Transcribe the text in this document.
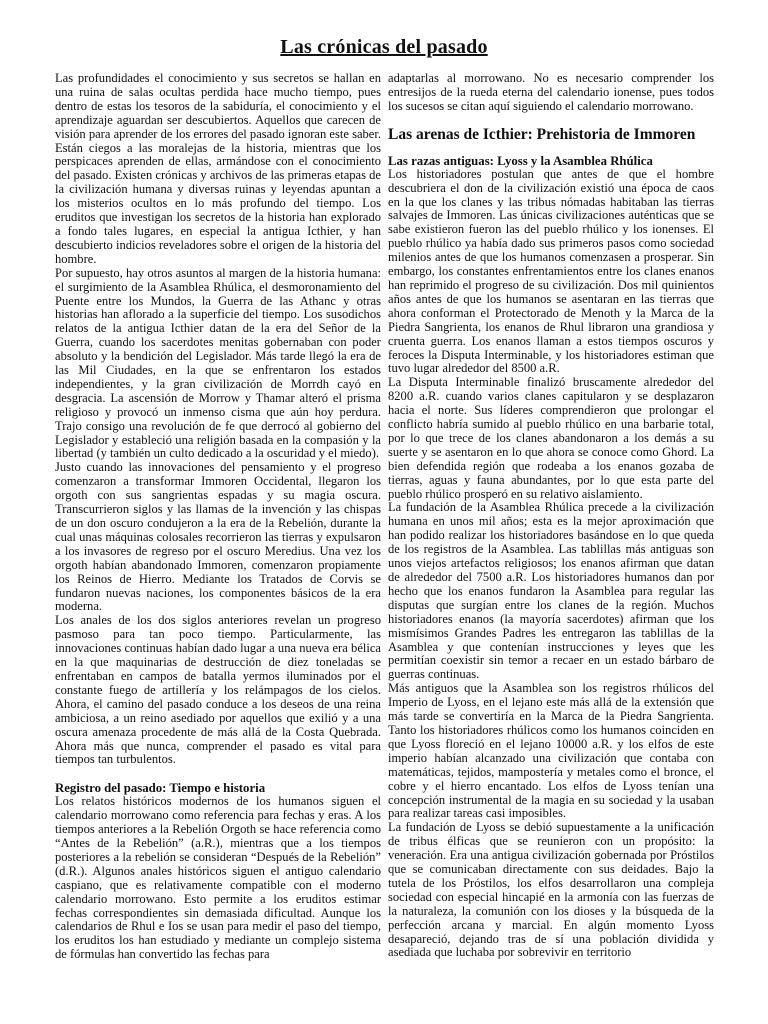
Las crónicas del pasado

Las profundidades el conocimiento y sus secretos se hallan en una ruina de salas ocultas perdida hace mucho tiempo, pues dentro de estas los tesoros de la sabiduría, el conocimiento y el aprendizaje aguardan ser descubiertos. Aquellos que carecen de visión para aprender de los errores del pasado ignoran este saber. Están ciegos a las moralejas de la historia, mientras que los perspicaces aprenden de ellas, armándose con el conocimiento del pasado. Existen crónicas y archivos de las primeras etapas de la civilización humana y diversas ruinas y leyendas apuntan a los misterios ocultos en lo más profundo del tiempo. Los eruditos que investigan los secretos de la historia han explorado a fondo tales lugares, en especial la antigua Icthier, y han descubierto indicios reveladores sobre el origen de la historia del hombre.

Por supuesto, hay otros asuntos al margen de la historia humana: el surgimiento de la Asamblea Rhúlica, el desmoronamiento del Puente entre los Mundos, la Guerra de las Athanc y otras historias han aflorado a la superficie del tiempo. Los susodichos relatos de la antigua Icthier datan de la era del Señor de la Guerra, cuando los sacerdotes menitas gobernaban con poder absoluto y la bendición del Legislador. Más tarde llegó la era de las Mil Ciudades, en la que se enfrentaron los estados independientes, y la gran civilización de Morrdh cayó en desgracia. La ascensión de Morrow y Thamar alteró el prisma religioso y provocó un inmenso cisma que aún hoy perdura. Trajo consigo una revolución de fe que derrocó al gobierno del Legislador y estableció una religión basada en la compasión y la libertad (y también un culto dedicado a la oscuridad y el miedo).

Justo cuando las innovaciones del pensamiento y el progreso comenzaron a transformar Immoren Occidental, llegaron los orgoth con sus sangrientas espadas y su magia oscura. Transcurrieron siglos y las llamas de la invención y las chispas de un don oscuro condujeron a la era de la Rebelión, durante la cual unas máquinas colosales recorrieron las tierras y expulsaron a los invasores de regreso por el oscuro Meredius. Una vez los orgoth habían abandonado Immoren, comenzaron propiamente los Reinos de Hierro. Mediante los Tratados de Corvis se fundaron nuevas naciones, los componentes básicos de la era moderna.

Los anales de los dos siglos anteriores revelan un progreso pasmoso para tan poco tiempo. Particularmente, las innovaciones continuas habían dado lugar a una nueva era bélica en la que maquinarias de destrucción de diez toneladas se enfrentaban en campos de batalla yermos iluminados por el constante fuego de artillería y los relámpagos de los cielos. Ahora, el camino del pasado conduce a los deseos de una reina ambiciosa, a un reino asediado por aquellos que exilió y a una oscura amenaza procedente de más allá de la Costa Quebrada. Ahora más que nunca, comprender el pasado es vital para tiempos tan turbulentos.

Registro del pasado: Tiempo e historia

Los relatos históricos modernos de los humanos siguen el calendario morrowano como referencia para fechas y eras. A los tiempos anteriores a la Rebelión Orgoth se hace referencia como “Antes de la Rebelión” (a.R.), mientras que a los tiempos posteriores a la rebelión se consideran “Después de la Rebelión” (d.R.). Algunos anales históricos siguen el antiguo calendario caspiano, que es relativamente compatible con el moderno calendario morrowano. Esto permite a los eruditos estimar fechas correspondientes sin demasiada dificultad. Aunque los calendarios de Rhul e Ios se usan para medir el paso del tiempo, los eruditos los han estudiado y mediante un complejo sistema de fórmulas han convertido las fechas para

adaptarlas al morrowano. No es necesario comprender los entresijos de la rueda eterna del calendario ionense, pues todos los sucesos se citan aquí siguiendo el calendario morrowano.

Las arenas de Icthier: Prehistoria de Immoren
Las razas antiguas: Lyoss y la Asamblea Rhúlica

Los historiadores postulan que antes de que el hombre descubriera el don de la civilización existió una época de caos en la que los clanes y las tribus nómadas habitaban las tierras salvajes de Immoren. Las únicas civilizaciones auténticas que se sabe existieron fueron las del pueblo rhúlico y los ionenses. El pueblo rhúlico ya había dado sus primeros pasos como sociedad milenios antes de que los humanos comenzasen a prosperar. Sin embargo, los constantes enfrentamientos entre los clanes enanos han reprimido el progreso de su civilización. Dos mil quinientos años antes de que los humanos se asentaran en las tierras que ahora conforman el Protectorado de Menoth y la Marca de la Piedra Sangrienta, los enanos de Rhul libraron una grandiosa y cruenta guerra. Los enanos llaman a estos tiempos oscuros y feroces la Disputa Interminable, y los historiadores estiman que tuvo lugar alrededor del 8500 a.R.

La Disputa Interminable finalizó bruscamente alrededor del 8200 a.R. cuando varios clanes capitularon y se desplazaron hacia el norte. Sus líderes comprendieron que prolongar el conflicto habría sumido al pueblo rhúlico en una barbarie total, por lo que trece de los clanes abandonaron a los demás a su suerte y se asentaron en lo que ahora se conoce como Ghord. La bien defendida región que rodeaba a los enanos gozaba de tierras, aguas y fauna abundantes, por lo que esta parte del pueblo rhúlico prosperó en su relativo aislamiento.

La fundación de la Asamblea Rhúlica precede a la civilización humana en unos mil años; esta es la mejor aproximación que han podido realizar los historiadores basándose en lo que queda de los registros de la Asamblea. Las tablillas más antiguas son unos viejos artefactos religiosos; los enanos afirman que datan de alrededor del 7500 a.R. Los historiadores humanos dan por hecho que los enanos fundaron la Asamblea para regular las disputas que surgían entre los clanes de la región. Muchos historiadores enanos (la mayoría sacerdotes) afirman que los mismísimos Grandes Padres les entregaron las tablillas de la Asamblea y que contenían instrucciones y leyes que les permitían coexistir sin temor a recaer en un estado bárbaro de guerras continuas.

Más antiguos que la Asamblea son los registros rhúlicos del Imperio de Lyoss, en el lejano este más allá de la extensión que más tarde se convertiría en la Marca de la Piedra Sangrienta. Tanto los historiadores rhúlicos como los humanos coinciden en que Lyoss floreció en el lejano 10000 a.R. y los elfos de este imperio habían alcanzado una civilización que contaba con matemáticas, tejidos, mampostería y metales como el bronce, el cobre y el hierro encantado. Los elfos de Lyoss tenían una concepción instrumental de la magia en su sociedad y la usaban para realizar tareas casi imposibles.

La fundación de Lyoss se debió supuestamente a la unificación de tribus élficas que se reunieron con un propósito: la veneración. Era una antigua civilización gobernada por Próstilos que se comunicaban directamente con sus deidades. Bajo la tutela de los Próstilos, los elfos desarrollaron una compleja sociedad con especial hincapié en la armonía con las fuerzas de la naturaleza, la comunión con los dioses y la búsqueda de la perfección arcana y marcial. En algún momento Lyoss desapareció, dejando tras de sí una población dividida y asediada que luchaba por sobrevivir en territorio
